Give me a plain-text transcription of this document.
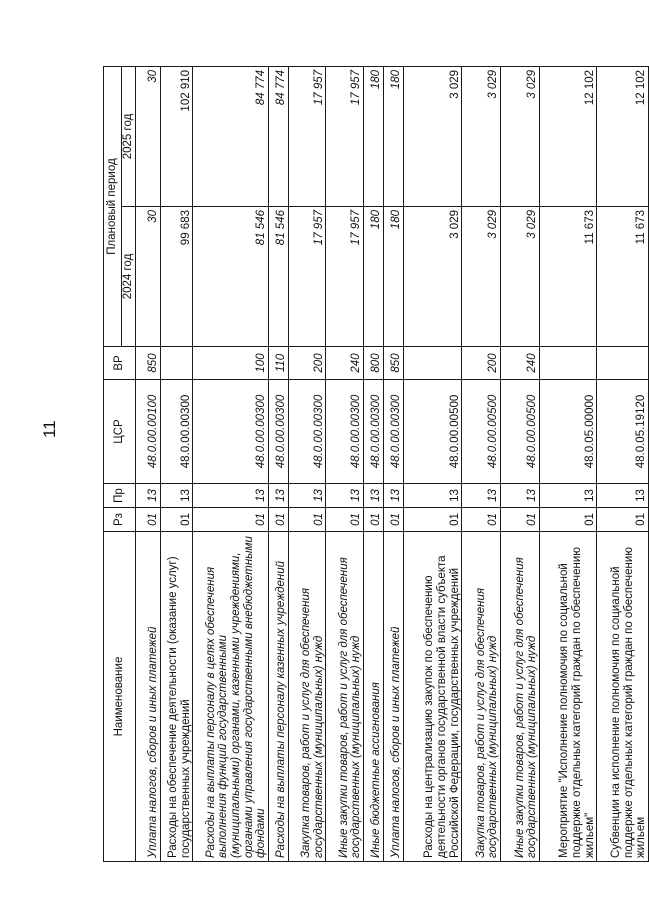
11
Наименование	Рз	Пр	ЦСР	ВР	Плановый период	
					2024 год	2025 год
Уплата налогов, сборов и иных платежей	01	13	48.0.00.00100	850	30	30
Расходы на обеспечение деятельности (оказание услуг) государственных учреждений	01	13	48.0.00.00300		99 683	102 910
Расходы на выплаты персоналу в целях обеспечения выполнения функций государственными (муниципальными) органами, казенными учреждениями, органами управления государственными внебюджетными фондами	01	13	48.0.00.00300	100	81 546	84 774
Расходы на выплаты персоналу казенных учреждений	01	13	48.0.00.00300	110	81 546	84 774
Закупка товаров, работ и услуг для обеспечения государственных (муниципальных) нужд	01	13	48.0.00.00300	200	17 957	17 957
Иные закупки товаров, работ и услуг для обеспечения государственных (муниципальных) нужд	01	13	48.0.00.00300	240	17 957	17 957
Иные бюджетные ассигнования	01	13	48.0.00.00300	800	180	180
Уплата налогов, сборов и иных платежей	01	13	48.0.00.00300	850	180	180
Расходы на централизацию закупок по обеспечению деятельности органов государственной власти субъекта Российской Федерации, государственных учреждений	01	13	48.0.00.00500		3 029	3 029
Закупка товаров, работ и услуг для обеспечения государственных (муниципальных) нужд	01	13	48.0.00.00500	200	3 029	3 029
Иные закупки товаров, работ и услуг для обеспечения государственных (муниципальных) нужд	01	13	48.0.00.00500	240	3 029	3 029
Мероприятие "Исполнение полномочия по социальной поддержке отдельных категорий граждан по обеспечению жильем"	01	13	48.0.05.00000		11 673	12 102
Субвенции на исполнение полномочия по социальной поддержке отдельных категорий граждан по обеспечению жильем	01	13	48.0.05.19120		11 673	12 102
